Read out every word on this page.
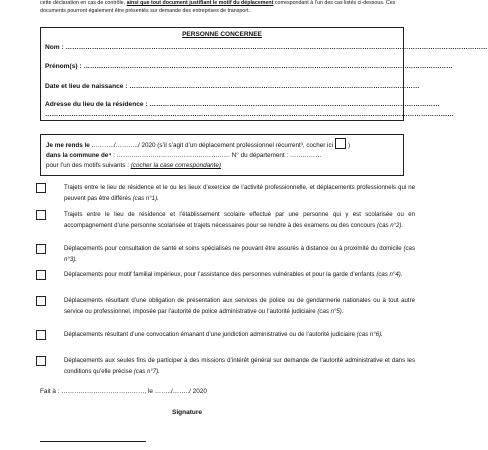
cette déclaration en cas de contrôle, ainsi que tout document justifiant le motif du déplacement correspondant à l’un des cas listés ci-dessous. Ces documents pourront également être présentés sur demande des entreprises de transport.
PERSONNE CONCERNEE
Nom : …………………………………………………………………………………………………………………………………………………………………………
Prénom(s) : ……………………………………………………………………………………………………………………………………………………
Date et lieu de naissance : ……………………………………………………………………………………………………………………
Adresse du lieu de la résidence : ……………………………………………………………………………………………………………………
……………………………………………………………………………………………………………………………………………………………………
Je me rends le ………../………../ 2020 (s’il s’agit d’un déplacement professionnel récurrent³, cocher ici )
dans la commune de⁴ : ……………………………………………… N° du département : ……………
pour l’un des motifs suivants : (cocher la case correspondante)
Trajets entre le lieu de résidence et le ou les lieux d’exercice de l’activité professionnelle, et déplacements professionnels qui ne peuvent pas être différés (cas n°1).
Trajets entre le lieu de résidence et l’établissement scolaire effectué par une personne qui y est scolarisée ou en accompagnement d’une personne scolarisée et trajets nécessaires pour se rendre à des examens ou des concours (cas n°2).
Déplacements pour consultation de santé et soins spécialisés ne pouvant être assurés à distance ou à proximité du domicile (cas n°3).
Déplacements pour motif familial impérieux, pour l’assistance des personnes vulnérables et pour la garde d’enfants (cas n°4).
Déplacements résultant d’une obligation de présentation aux services de police ou de gendarmerie nationales ou à tout autre service ou professionnel, imposée par l’autorité de police administrative ou l’autorité judiciaire (cas n°5).
Déplacements résultant d’une convocation émanant d’une juridiction administrative ou de l’autorité judiciaire (cas n°6).
Déplacements aux seules fins de participer à des missions d’intérêt général sur demande de l’autorité administrative et dans les conditions qu’elle précise (cas n°7).
Fait à : …………………………………, le ……../……../ 2020
Signature
